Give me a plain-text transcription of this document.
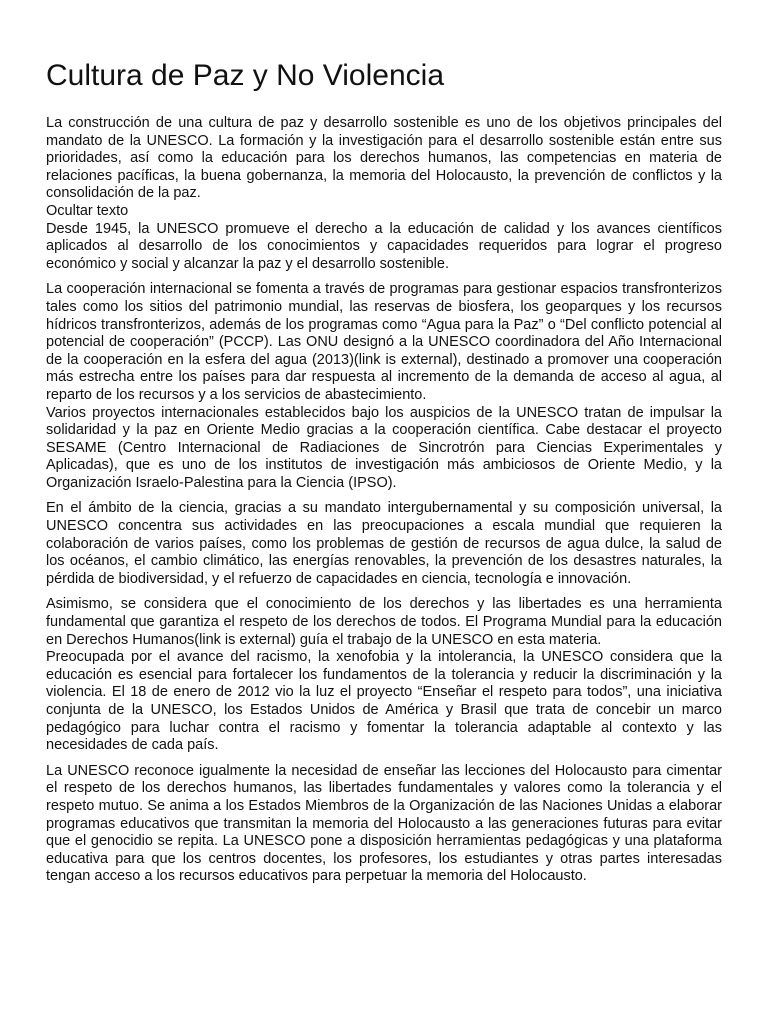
Cultura de Paz y No Violencia

La construcción de una cultura de paz y desarrollo sostenible es uno de los objetivos principales del mandato de la UNESCO. La formación y la investigación para el desarrollo sostenible están entre sus prioridades, así como la educación para los derechos humanos, las competencias en materia de relaciones pacíficas, la buena gobernanza, la memoria del Holocausto, la prevención de conflictos y la consolidación de la paz.

Ocultar texto

Desde 1945, la UNESCO promueve el derecho a la educación de calidad y los avances científicos aplicados al desarrollo de los conocimientos y capacidades requeridos para lograr el progreso económico y social y alcanzar la paz y el desarrollo sostenible.

La cooperación internacional se fomenta a través de programas para gestionar espacios transfronterizos tales como los sitios del patrimonio mundial, las reservas de biosfera, los geoparques y los recursos hídricos transfronterizos, además de los programas como “Agua para la Paz” o “Del conflicto potencial al potencial de cooperación” (PCCP). Las ONU designó a la UNESCO coordinadora del Año Internacional de la cooperación en la esfera del agua (2013)(link is external), destinado a promover una cooperación más estrecha entre los países para dar respuesta al incremento de la demanda de acceso al agua, al reparto de los recursos y a los servicios de abastecimiento.

Varios proyectos internacionales establecidos bajo los auspicios de la UNESCO tratan de impulsar la solidaridad y la paz en Oriente Medio gracias a la cooperación científica. Cabe destacar el proyecto SESAME (Centro Internacional de Radiaciones de Sincrotrón para Ciencias Experimentales y Aplicadas), que es uno de los institutos de investigación más ambiciosos de Oriente Medio, y la Organización Israelo-Palestina para la Ciencia (IPSO).

En el ámbito de la ciencia, gracias a su mandato intergubernamental y su composición universal, la UNESCO concentra sus actividades en las preocupaciones a escala mundial que requieren la colaboración de varios países, como los problemas de gestión de recursos de agua dulce, la salud de los océanos, el cambio climático, las energías renovables, la prevención de los desastres naturales, la pérdida de biodiversidad, y el refuerzo de capacidades en ciencia, tecnología e innovación.

Asimismo, se considera que el conocimiento de los derechos y las libertades es una herramienta fundamental que garantiza el respeto de los derechos de todos. El Programa Mundial para la educación en Derechos Humanos(link is external) guía el trabajo de la UNESCO en esta materia.

Preocupada por el avance del racismo, la xenofobia y la intolerancia, la UNESCO considera que la educación es esencial para fortalecer los fundamentos de la tolerancia y reducir la discriminación y la violencia. El 18 de enero de 2012 vio la luz el proyecto “Enseñar el respeto para todos”, una iniciativa conjunta de la UNESCO, los Estados Unidos de América y Brasil que trata de concebir un marco pedagógico para luchar contra el racismo y fomentar la tolerancia adaptable al contexto y las necesidades de cada país.

La UNESCO reconoce igualmente la necesidad de enseñar las lecciones del Holocausto para cimentar el respeto de los derechos humanos, las libertades fundamentales y valores como la tolerancia y el respeto mutuo. Se anima a los Estados Miembros de la Organización de las Naciones Unidas a elaborar programas educativos que transmitan la memoria del Holocausto a las generaciones futuras para evitar que el genocidio se repita. La UNESCO pone a disposición herramientas pedagógicas y una plataforma educativa para que los centros docentes, los profesores, los estudiantes y otras partes interesadas tengan acceso a los recursos educativos para perpetuar la memoria del Holocausto.
